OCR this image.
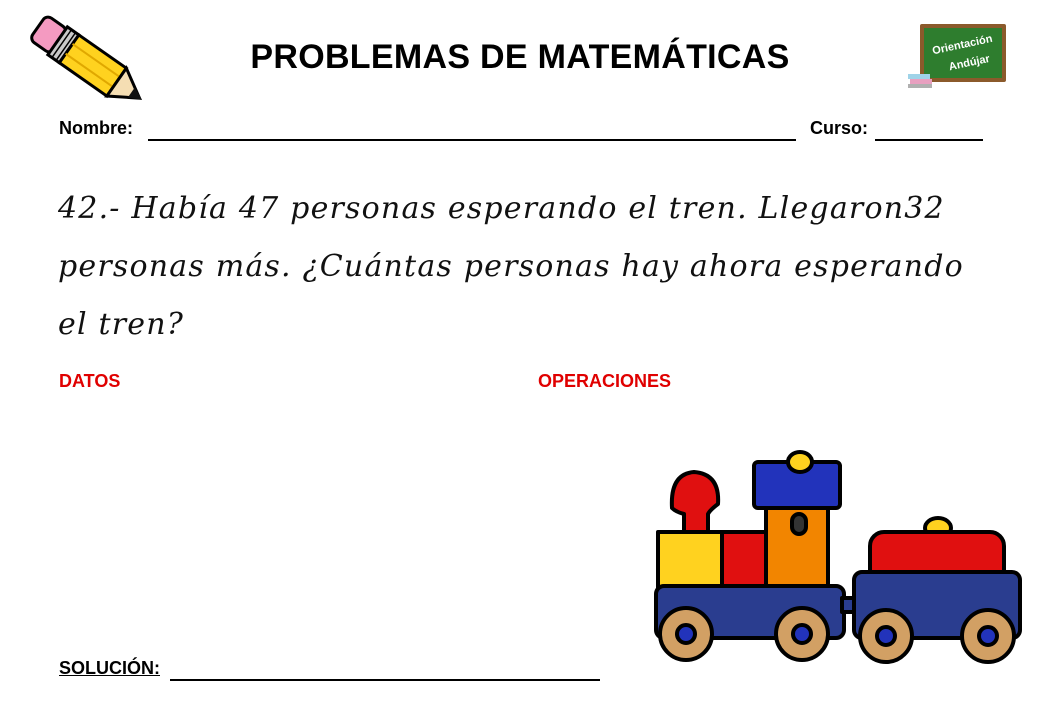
PROBLEMAS DE MATEMÁTICAS	Orientación
Andújar
Nombre:	Curso:
42.- Había 47 personas esperando el tren. Llegaron32 personas más. ¿Cuántas personas hay ahora esperando el tren?
DATOS	OPERACIONES
SOLUCIÓN:
